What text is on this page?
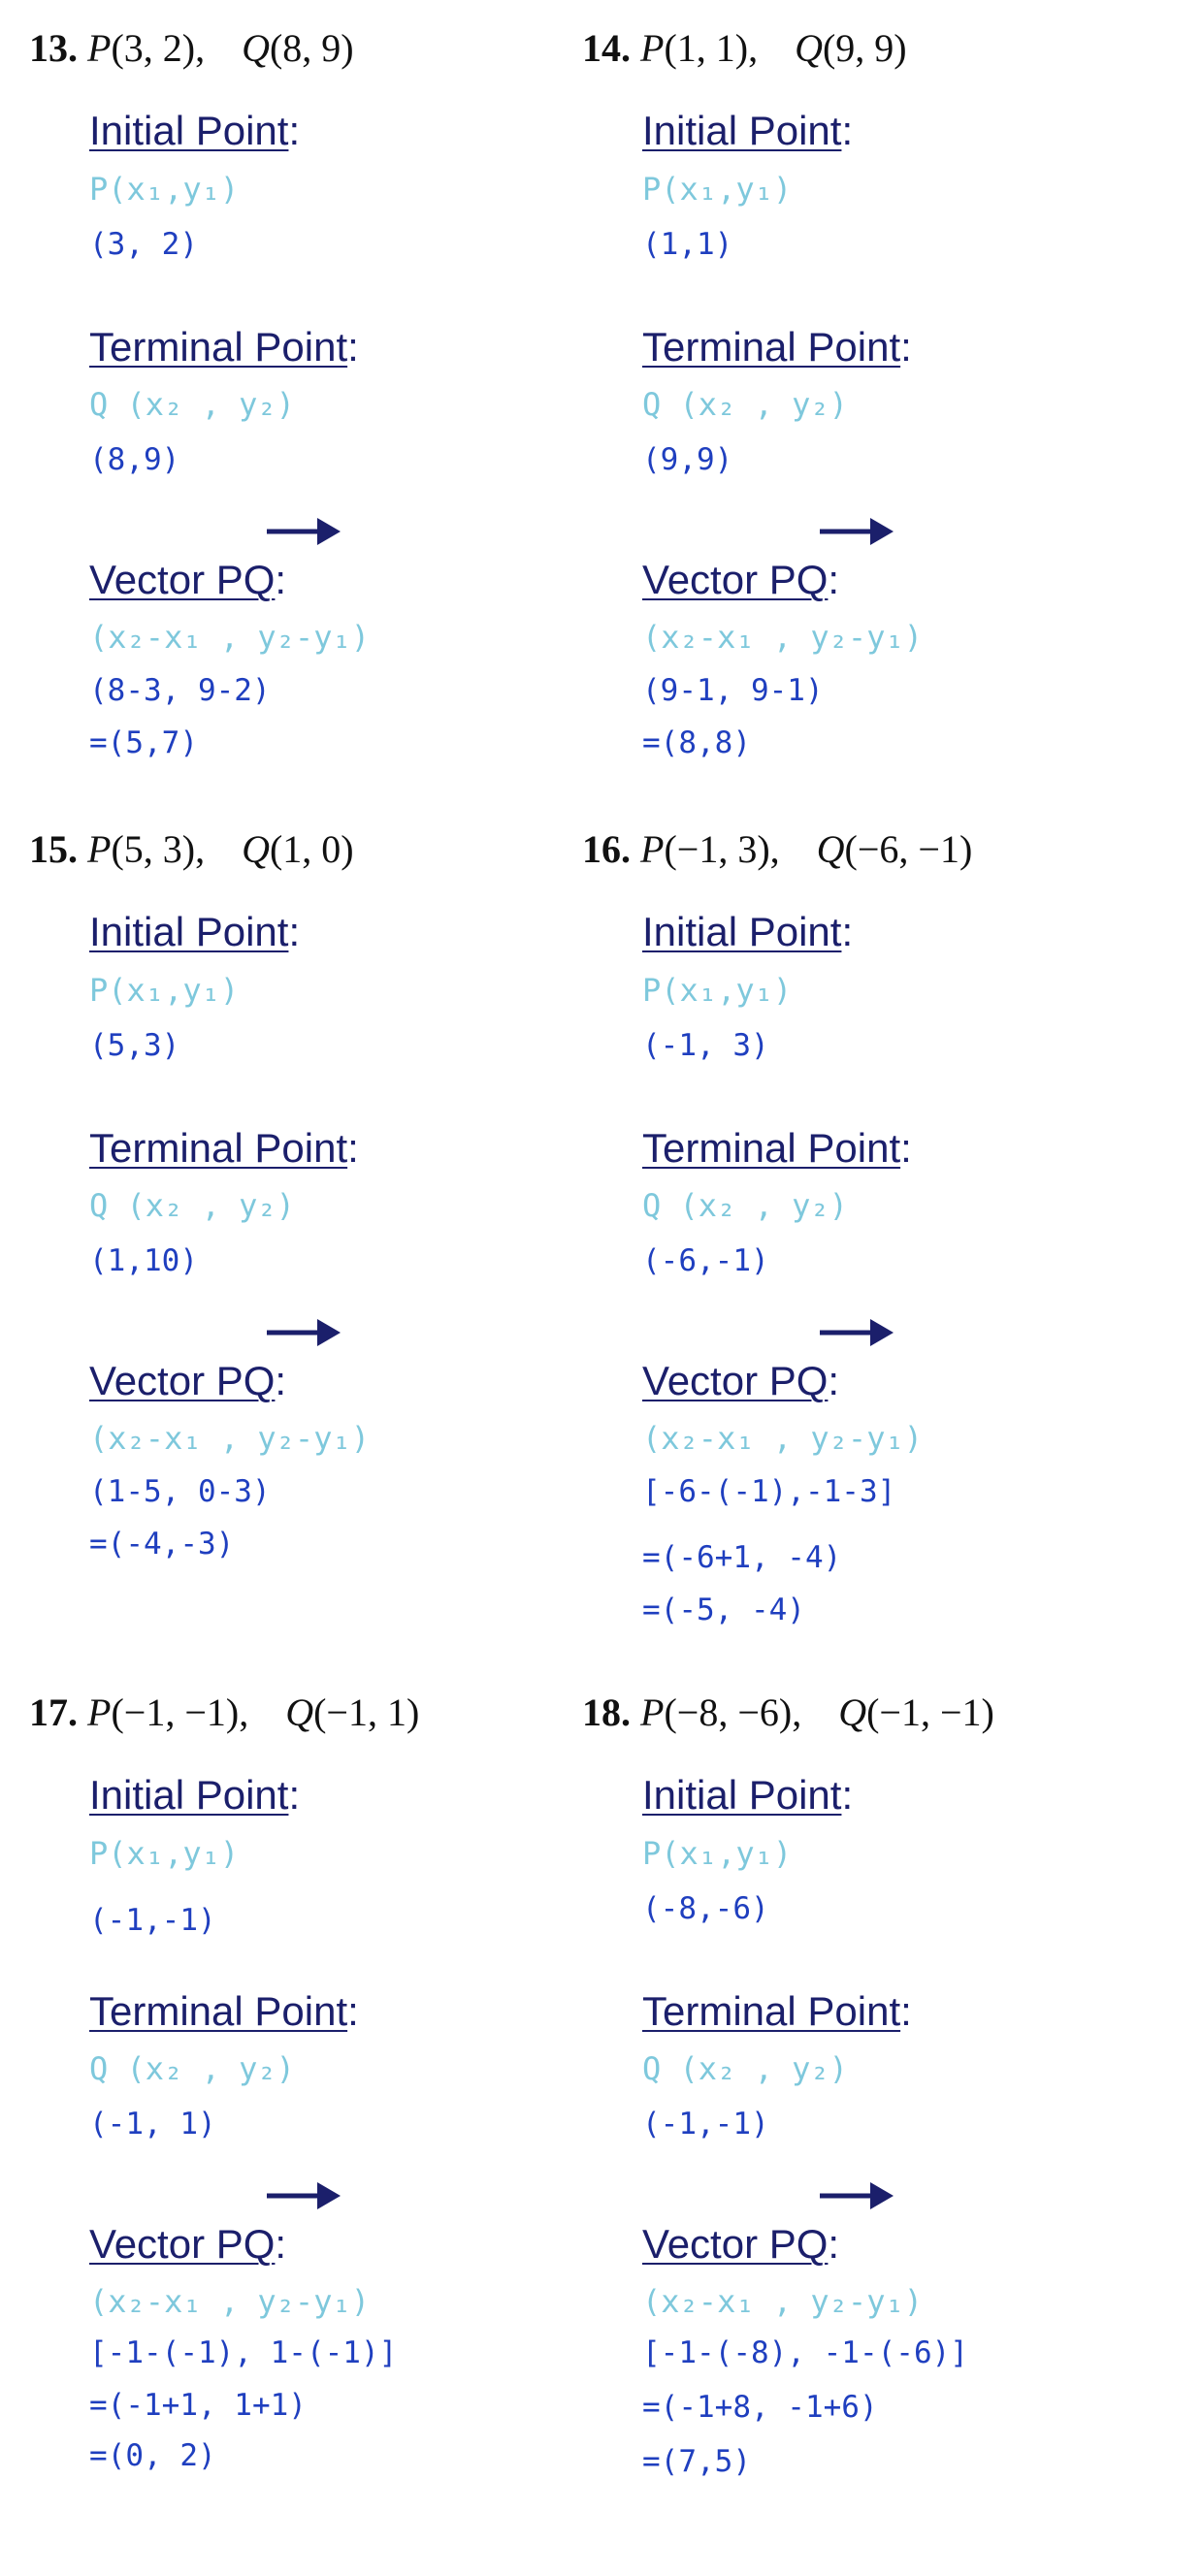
13. P(3, 2), Q(8, 9)
Initial Point:
P(x₁,y₁)
(3, 2)
Terminal Point:
Q (x₂ , y₂)
(8,9)
Vector PQ:
(x₂-x₁ , y₂-y₁)
(8-3, 9-2)
=(5,7)
14. P(1, 1), Q(9, 9)
Initial Point:
P(x₁,y₁)
(1,1)
Terminal Point:
Q (x₂ , y₂)
(9,9)
Vector PQ:
(x₂-x₁ , y₂-y₁)
(9-1, 9-1)
=(8,8)
15. P(5, 3), Q(1, 0)
Initial Point:
P(x₁,y₁)
(5,3)
Terminal Point:
Q (x₂ , y₂)
(1,10)
Vector PQ:
(x₂-x₁ , y₂-y₁)
(1-5, 0-3)
=(-4,-3)
16. P(−1, 3), Q(−6, −1)
Initial Point:
P(x₁,y₁)
(-1, 3)
Terminal Point:
Q (x₂ , y₂)
(-6,-1)
Vector PQ:
(x₂-x₁ , y₂-y₁)
[-6-(-1),-1-3]
=(-6+1, -4)
=(-5, -4)
17. P(−1, −1), Q(−1, 1)
Initial Point:
P(x₁,y₁)
(-1,-1)
Terminal Point:
Q (x₂ , y₂)
(-1, 1)
Vector PQ:
(x₂-x₁ , y₂-y₁)
[-1-(-1), 1-(-1)]
=(-1+1, 1+1)
=(0, 2)
18. P(−8, −6), Q(−1, −1)
Initial Point:
P(x₁,y₁)
(-8,-6)
Terminal Point:
Q (x₂ , y₂)
(-1,-1)
Vector PQ:
(x₂-x₁ , y₂-y₁)
[-1-(-8), -1-(-6)]
=(-1+8, -1+6)
=(7,5)
